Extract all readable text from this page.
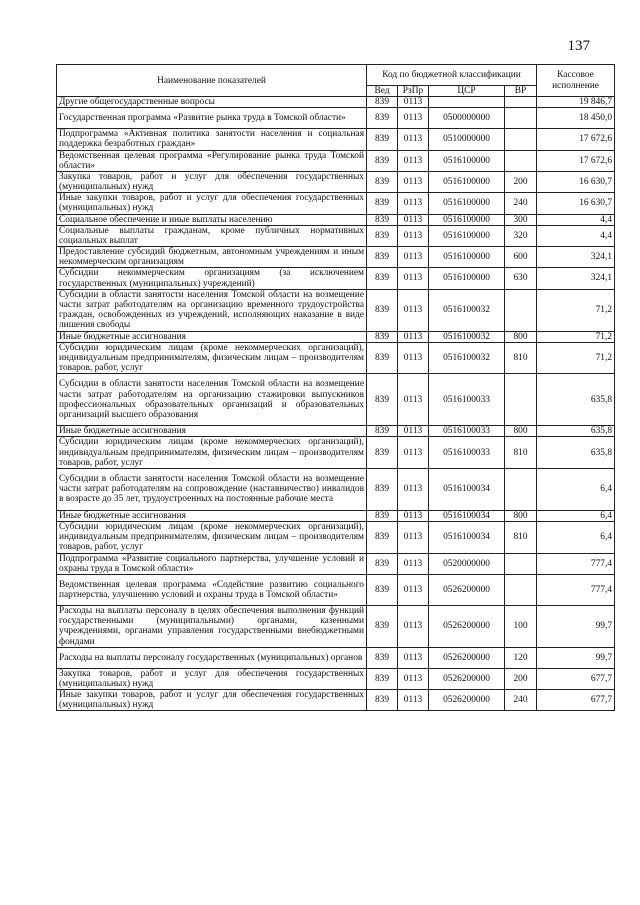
137
Наименование показателей	Код по бюджетной классификации				Кассовое исполнение
	Вед	РзПр	ЦСР	ВР	
Другие общегосударственные вопросы	839	0113			19 846,7
Государственная программа «Развитие рынка труда в Томской области»	839	0113	0500000000		18 450,0
Подпрограмма «Активная политика занятости населения и социальная поддержка безработных граждан»	839	0113	0510000000		17 672,6
Ведомственная целевая программа «Регулирование рынка труда Томской области»	839	0113	0516100000		17 672,6
Закупка товаров, работ и услуг для обеспечения государственных (муниципальных) нужд	839	0113	0516100000	200	16 630,7
Иные закупки товаров, работ и услуг для обеспечения государственных (муниципальных) нужд	839	0113	0516100000	240	16 630,7
Социальное обеспечение и иные выплаты населению	839	0113	0516100000	300	4,4
Социальные выплаты гражданам, кроме публичных нормативных социальных выплат	839	0113	0516100000	320	4,4
Предоставление субсидий бюджетным, автономным учреждениям и иным некоммерческим организациям	839	0113	0516100000	600	324,1
Субсидии некоммерческим организациям (за исключением государственных (муниципальных) учреждений)	839	0113	0516100000	630	324,1
Субсидии в области занятости населения Томской области на возмещение части затрат работодателям на организацию временного трудоустройства граждан, освобожденных из учреждений, исполняющих наказание в виде лишения свободы	839	0113	0516100032		71,2
Иные бюджетные ассигнования	839	0113	0516100032	800	71,2
Субсидии юридическим лицам (кроме некоммерческих организаций), индивидуальным предпринимателям, физическим лицам – производителям товаров, работ, услуг	839	0113	0516100032	810	71,2
Субсидии в области занятости населения Томской области на возмещение части затрат работодателям на организацию стажировки выпускников профессиональных образовательных организаций и образовательных организаций высшего образования	839	0113	0516100033		635,8
Иные бюджетные ассигнования	839	0113	0516100033	800	635,8
Субсидии юридическим лицам (кроме некоммерческих организаций), индивидуальным предпринимателям, физическим лицам – производителям товаров, работ, услуг	839	0113	0516100033	810	635,8
Субсидии в области занятости населения Томской области на возмещение части затрат работодателям на сопровождение (наставничество) инвалидов в возрасте до 35 лет, трудоустроенных на постоянные рабочие места	839	0113	0516100034		6,4
Иные бюджетные ассигнования	839	0113	0516100034	800	6,4
Субсидии юридическим лицам (кроме некоммерческих организаций), индивидуальным предпринимателям, физическим лицам – производителям товаров, работ, услуг	839	0113	0516100034	810	6,4
Подпрограмма «Развитие социального партнерства, улучшение условий и охраны труда в Томской области»	839	0113	0520000000		777,4
Ведомственная целевая программа «Содействие развитию социального партнерства, улучшению условий и охраны труда в Томской области»	839	0113	0526200000		777,4
Расходы на выплаты персоналу в целях обеспечения выполнения функций государственными (муниципальными) органами, казенными учреждениями, органами управления государственными внебюджетными фондами	839	0113	0526200000	100	99,7
Расходы на выплаты персоналу государственных (муниципальных) органов	839	0113	0526200000	120	99,7
Закупка товаров, работ и услуг для обеспечения государственных (муниципальных) нужд	839	0113	0526200000	200	677,7
Иные закупки товаров, работ и услуг для обеспечения государственных (муниципальных) нужд	839	0113	0526200000	240	677,7
